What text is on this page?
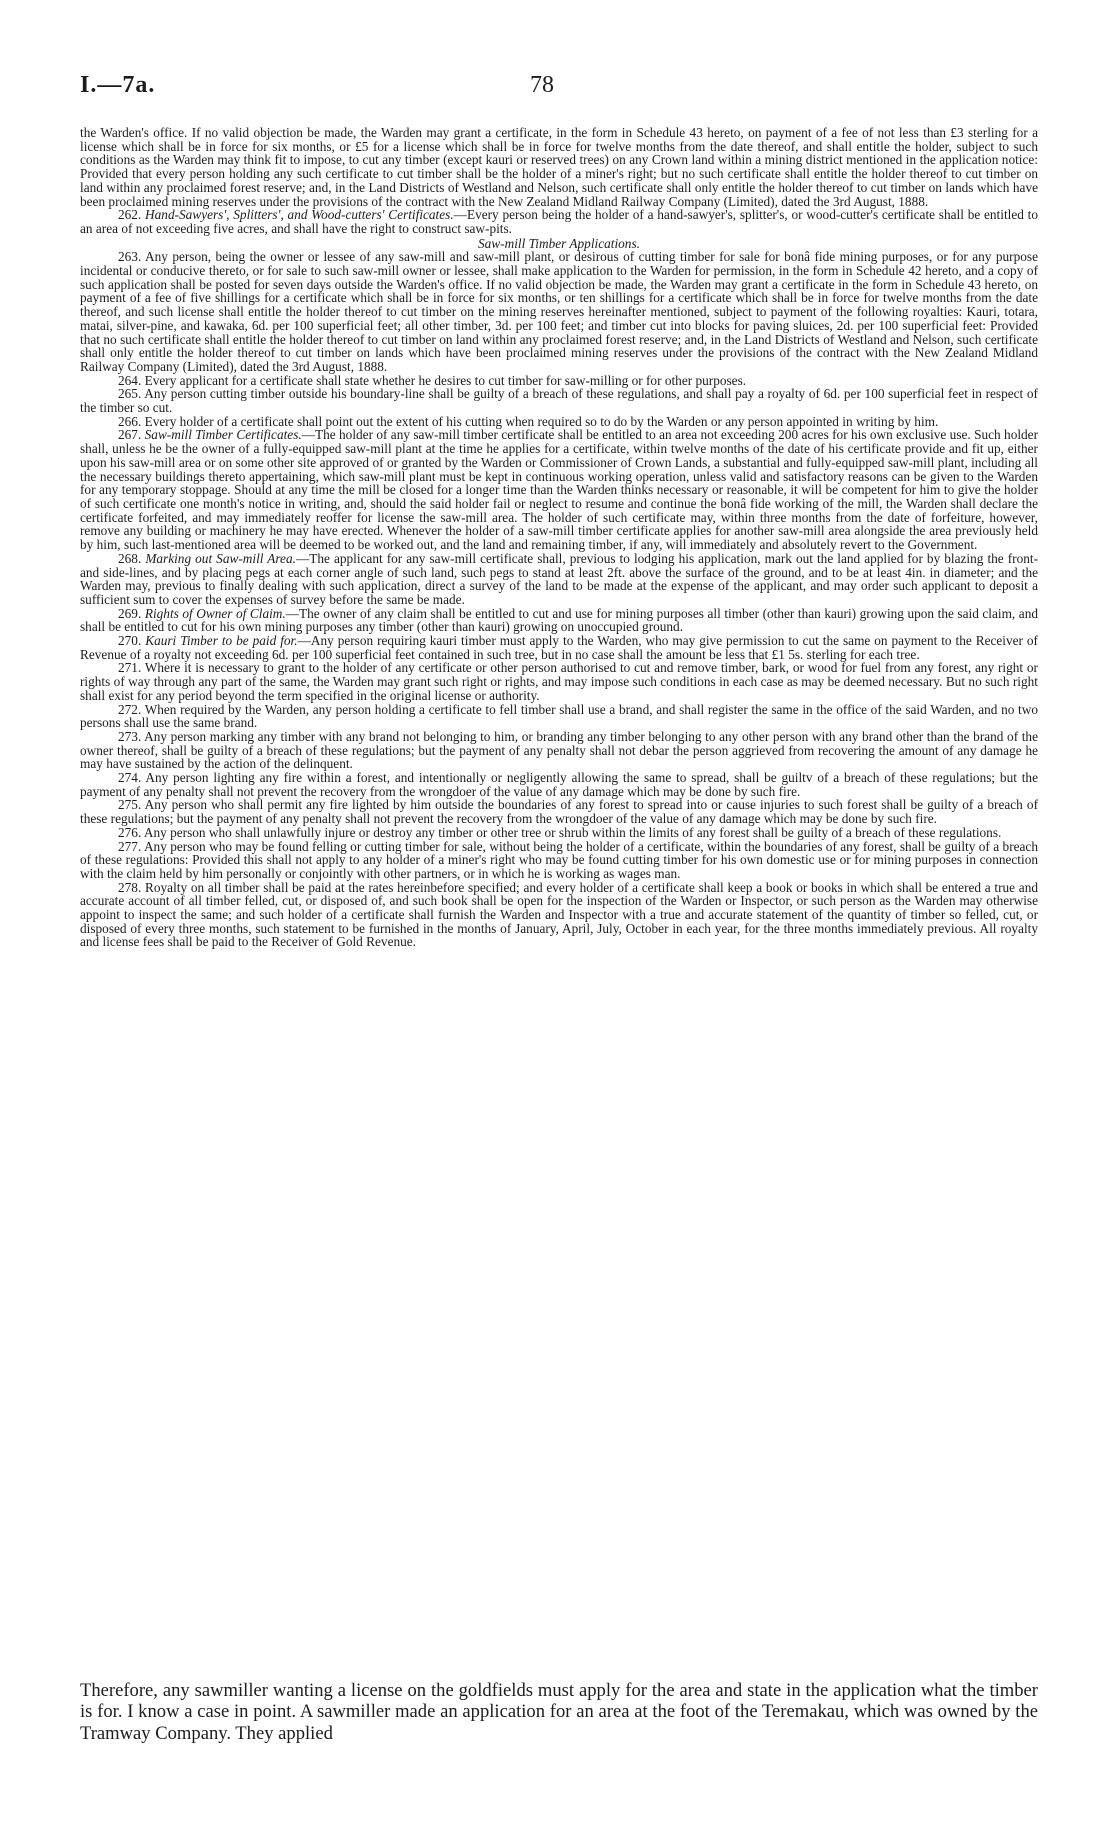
I.—7a.	78

the Warden's office. If no valid objection be made, the Warden may grant a certificate, in the form in Schedule 43 hereto, on payment of a fee of not less than £3 sterling for a license which shall be in force for six months, or £5 for a license which shall be in force for twelve months from the date thereof, and shall entitle the holder, subject to such conditions as the Warden may think fit to impose, to cut any timber (except kauri or reserved trees) on any Crown land within a mining district mentioned in the application notice: Provided that every person holding any such certificate to cut timber shall be the holder of a miner's right; but no such certificate shall entitle the holder thereof to cut timber on land within any proclaimed forest reserve; and, in the Land Districts of Westland and Nelson, such certificate shall only entitle the holder thereof to cut timber on lands which have been proclaimed mining reserves under the provisions of the contract with the New Zealand Midland Railway Company (Limited), dated the 3rd August, 1888.

262. Hand-Sawyers', Splitters', and Wood-cutters' Certificates.—Every person being the holder of a hand-sawyer's, splitter's, or wood-cutter's certificate shall be entitled to an area of not exceeding five acres, and shall have the right to construct saw-pits.

Saw-mill Timber Applications.

263. Any person, being the owner or lessee of any saw-mill and saw-mill plant, or desirous of cutting timber for sale for bonâ fide mining purposes, or for any purpose incidental or conducive thereto, or for sale to such saw-mill owner or lessee, shall make application to the Warden for permission, in the form in Schedule 42 hereto, and a copy of such application shall be posted for seven days outside the Warden's office. If no valid objection be made, the Warden may grant a certificate in the form in Schedule 43 hereto, on payment of a fee of five shillings for a certificate which shall be in force for six months, or ten shillings for a certificate which shall be in force for twelve months from the date thereof, and such license shall entitle the holder thereof to cut timber on the mining reserves hereinafter mentioned, subject to payment of the following royalties: Kauri, totara, matai, silver-pine, and kawaka, 6d. per 100 superficial feet; all other timber, 3d. per 100 feet; and timber cut into blocks for paving sluices, 2d. per 100 superficial feet: Provided that no such certificate shall entitle the holder thereof to cut timber on land within any proclaimed forest reserve; and, in the Land Districts of Westland and Nelson, such certificate shall only entitle the holder thereof to cut timber on lands which have been proclaimed mining reserves under the provisions of the contract with the New Zealand Midland Railway Company (Limited), dated the 3rd August, 1888.

264. Every applicant for a certificate shall state whether he desires to cut timber for saw-milling or for other purposes.

265. Any person cutting timber outside his boundary-line shall be guilty of a breach of these regulations, and shall pay a royalty of 6d. per 100 superficial feet in respect of the timber so cut.

266. Every holder of a certificate shall point out the extent of his cutting when required so to do by the Warden or any person appointed in writing by him.

267. Saw-mill Timber Certificates.—The holder of any saw-mill timber certificate shall be entitled to an area not exceeding 200 acres for his own exclusive use. Such holder shall, unless he be the owner of a fully-equipped saw-mill plant at the time he applies for a certificate, within twelve months of the date of his certificate provide and fit up, either upon his saw-mill area or on some other site approved of or granted by the Warden or Commissioner of Crown Lands, a substantial and fully-equipped saw-mill plant, including all the necessary buildings thereto appertaining, which saw-mill plant must be kept in continuous working operation, unless valid and satisfactory reasons can be given to the Warden for any temporary stoppage. Should at any time the mill be closed for a longer time than the Warden thinks necessary or reasonable, it will be competent for him to give the holder of such certificate one month's notice in writing, and, should the said holder fail or neglect to resume and continue the bonâ fide working of the mill, the Warden shall declare the certificate forfeited, and may immediately reoffer for license the saw-mill area. The holder of such certificate may, within three months from the date of forfeiture, however, remove any building or machinery he may have erected. Whenever the holder of a saw-mill timber certificate applies for another saw-mill area alongside the area previously held by him, such last-mentioned area will be deemed to be worked out, and the land and remaining timber, if any, will immediately and absolutely revert to the Government.

268. Marking out Saw-mill Area.—The applicant for any saw-mill certificate shall, previous to lodging his application, mark out the land applied for by blazing the front- and side-lines, and by placing pegs at each corner angle of such land, such pegs to stand at least 2ft. above the surface of the ground, and to be at least 4in. in diameter; and the Warden may, previous to finally dealing with such application, direct a survey of the land to be made at the expense of the applicant, and may order such applicant to deposit a sufficient sum to cover the expenses of survey before the same be made.

269. Rights of Owner of Claim.—The owner of any claim shall be entitled to cut and use for mining purposes all timber (other than kauri) growing upon the said claim, and shall be entitled to cut for his own mining purposes any timber (other than kauri) growing on unoccupied ground.

270. Kauri Timber to be paid for.—Any person requiring kauri timber must apply to the Warden, who may give permission to cut the same on payment to the Receiver of Revenue of a royalty not exceeding 6d. per 100 superficial feet contained in such tree, but in no case shall the amount be less that £1 5s. sterling for each tree.

271. Where it is necessary to grant to the holder of any certificate or other person authorised to cut and remove timber, bark, or wood for fuel from any forest, any right or rights of way through any part of the same, the Warden may grant such right or rights, and may impose such conditions in each case as may be deemed necessary. But no such right shall exist for any period beyond the term specified in the original license or authority.

272. When required by the Warden, any person holding a certificate to fell timber shall use a brand, and shall register the same in the office of the said Warden, and no two persons shall use the same brand.

273. Any person marking any timber with any brand not belonging to him, or branding any timber belonging to any other person with any brand other than the brand of the owner thereof, shall be guilty of a breach of these regulations; but the payment of any penalty shall not debar the person aggrieved from recovering the amount of any damage he may have sustained by the action of the delinquent.

274. Any person lighting any fire within a forest, and intentionally or negligently allowing the same to spread, shall be guiltv of a breach of these regulations; but the payment of any penalty shall not prevent the recovery from the wrongdoer of the value of any damage which may be done by such fire.

275. Any person who shall permit any fire lighted by him outside the boundaries of any forest to spread into or cause injuries to such forest shall be guilty of a breach of these regulations; but the payment of any penalty shall not prevent the recovery from the wrongdoer of the value of any damage which may be done by such fire.

276. Any person who shall unlawfully injure or destroy any timber or other tree or shrub within the limits of any forest shall be guilty of a breach of these regulations.

277. Any person who may be found felling or cutting timber for sale, without being the holder of a certificate, within the boundaries of any forest, shall be guilty of a breach of these regulations: Provided this shall not apply to any holder of a miner's right who may be found cutting timber for his own domestic use or for mining purposes in connection with the claim held by him personally or conjointly with other partners, or in which he is working as wages man.

278. Royalty on all timber shall be paid at the rates hereinbefore specified; and every holder of a certificate shall keep a book or books in which shall be entered a true and accurate account of all timber felled, cut, or disposed of, and such book shall be open for the inspection of the Warden or Inspector, or such person as the Warden may otherwise appoint to inspect the same; and such holder of a certificate shall furnish the Warden and Inspector with a true and accurate statement of the quantity of timber so felled, cut, or disposed of every three months, such statement to be furnished in the months of January, April, July, October in each year, for the three months immediately previous. All royalty and license fees shall be paid to the Receiver of Gold Revenue.

Therefore, any sawmiller wanting a license on the goldfields must apply for the area and state in the application what the timber is for. I know a case in point. A sawmiller made an application for an area at the foot of the Teremakau, which was owned by the Tramway Company. They applied
